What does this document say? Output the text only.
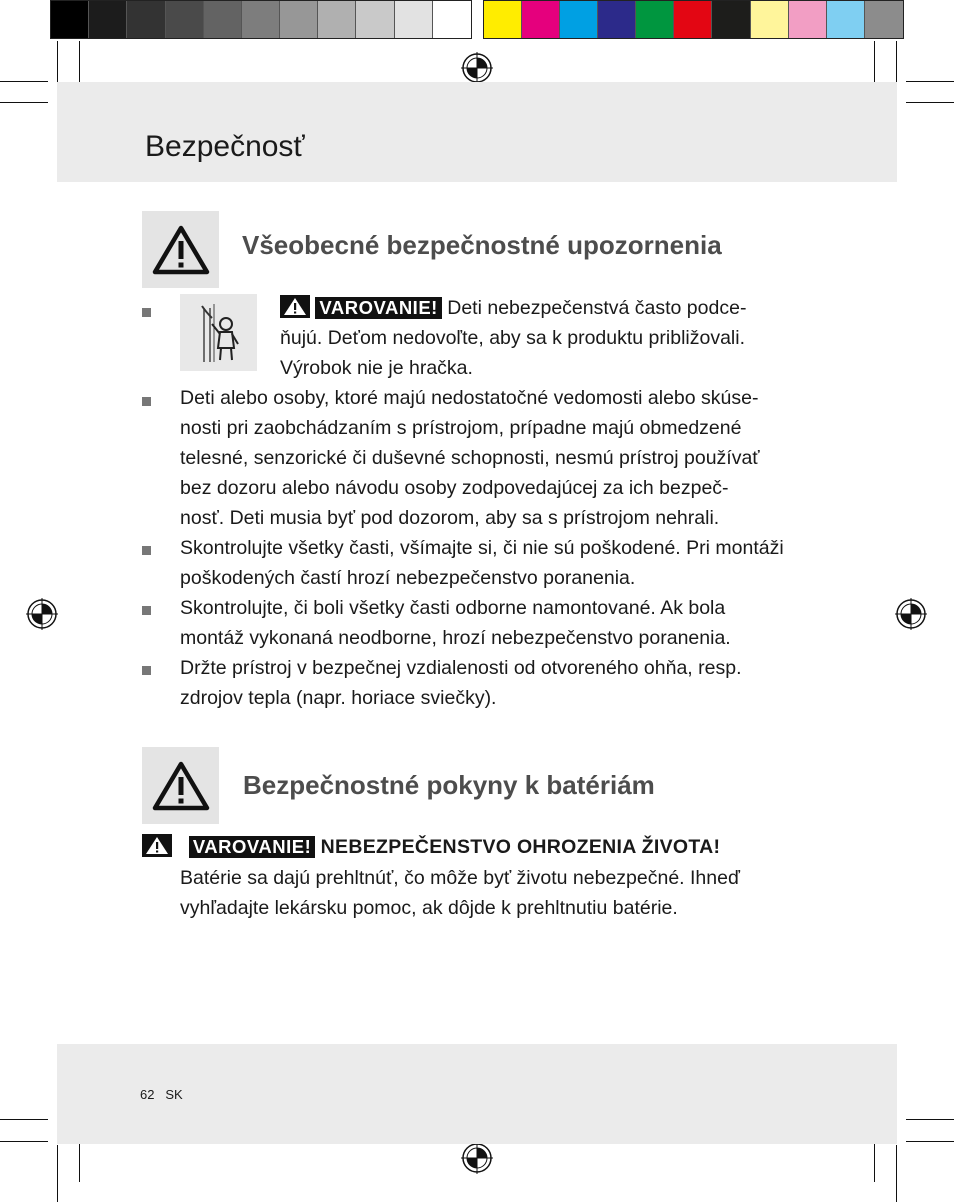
Bezpečnosť
Všeobecné bezpečnostné upozornenia
VAROVANIE! Deti nebezpečenstvá často podce-
ňujú. Deťom nedovoľte, aby sa k produktu približovali.
Výrobok nie je hračka.
Deti alebo osoby, ktoré majú nedostatočné vedomosti alebo skúse-
nosti pri zaobchádzaním s prístrojom, prípadne majú obmedzené
telesné, senzorické či duševné schopnosti, nesmú prístroj používať
bez dozoru alebo návodu osoby zodpovedajúcej za ich bezpeč-
nosť. Deti musia byť pod dozorom, aby sa s prístrojom nehrali.
Skontrolujte všetky časti, všímajte si, či nie sú poškodené. Pri montáži
poškodených častí hrozí nebezpečenstvo poranenia.
Skontrolujte, či boli všetky časti odborne namontované. Ak bola
montáž vykonaná neodborne, hrozí nebezpečenstvo poranenia.
Držte prístroj v bezpečnej vzdialenosti od otvoreného ohňa, resp.
zdrojov tepla (napr. horiace sviečky).
Bezpečnostné pokyny k batériám
VAROVANIE! NEBEZPEČENSTVO OHROZENIA ŽIVOTA!
Batérie sa dajú prehltnúť, čo môže byť životu nebezpečné. Ihneď
vyhľadajte lekársku pomoc, ak dôjde k prehltnutiu batérie.
62 SK
